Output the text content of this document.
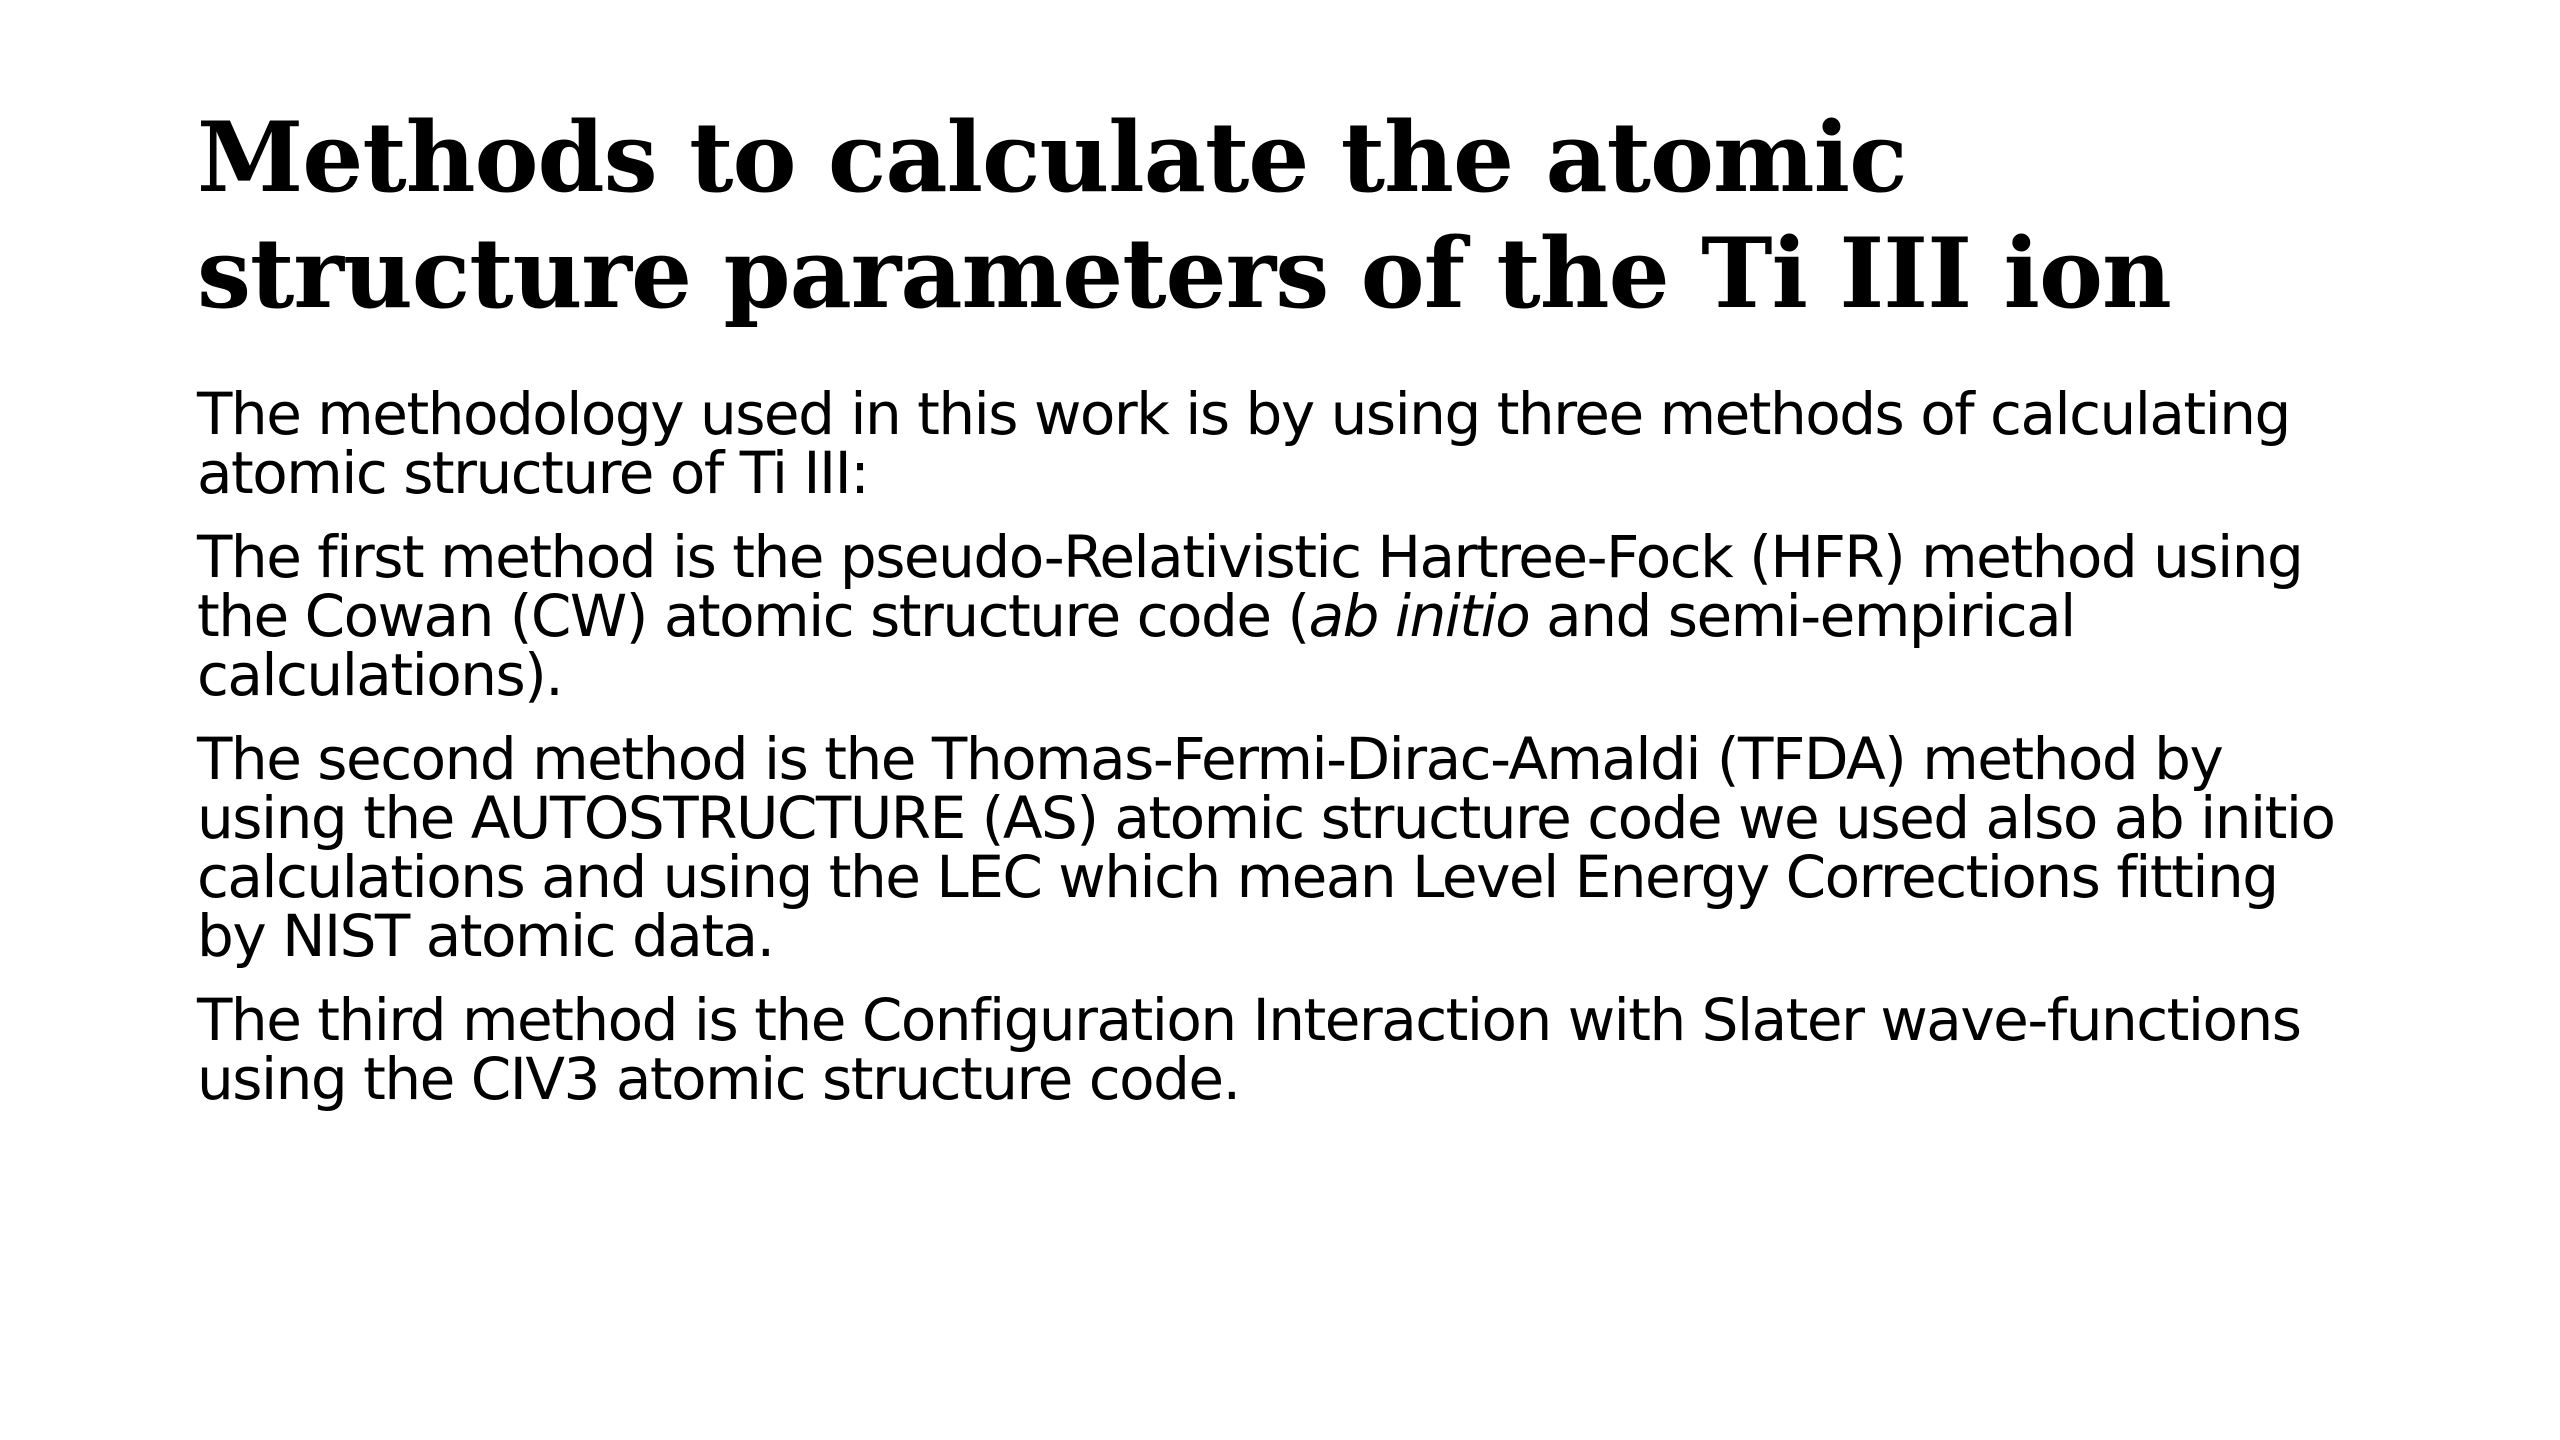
Methods to calculate the atomic
structure parameters of the Ti III ion

The methodology used in this work is by using three methods of calculating
atomic structure of Ti III:

The first method is the pseudo-Relativistic Hartree-Fock (HFR) method using
the Cowan (CW) atomic structure code (ab initio and semi-empirical
calculations).

The second method is the Thomas-Fermi-Dirac-Amaldi (TFDA) method by
using the AUTOSTRUCTURE (AS) atomic structure code we used also ab initio
calculations and using the LEC which mean Level Energy Corrections fitting
by NIST atomic data.

The third method is the Configuration Interaction with Slater wave-functions
using the CIV3 atomic structure code.
